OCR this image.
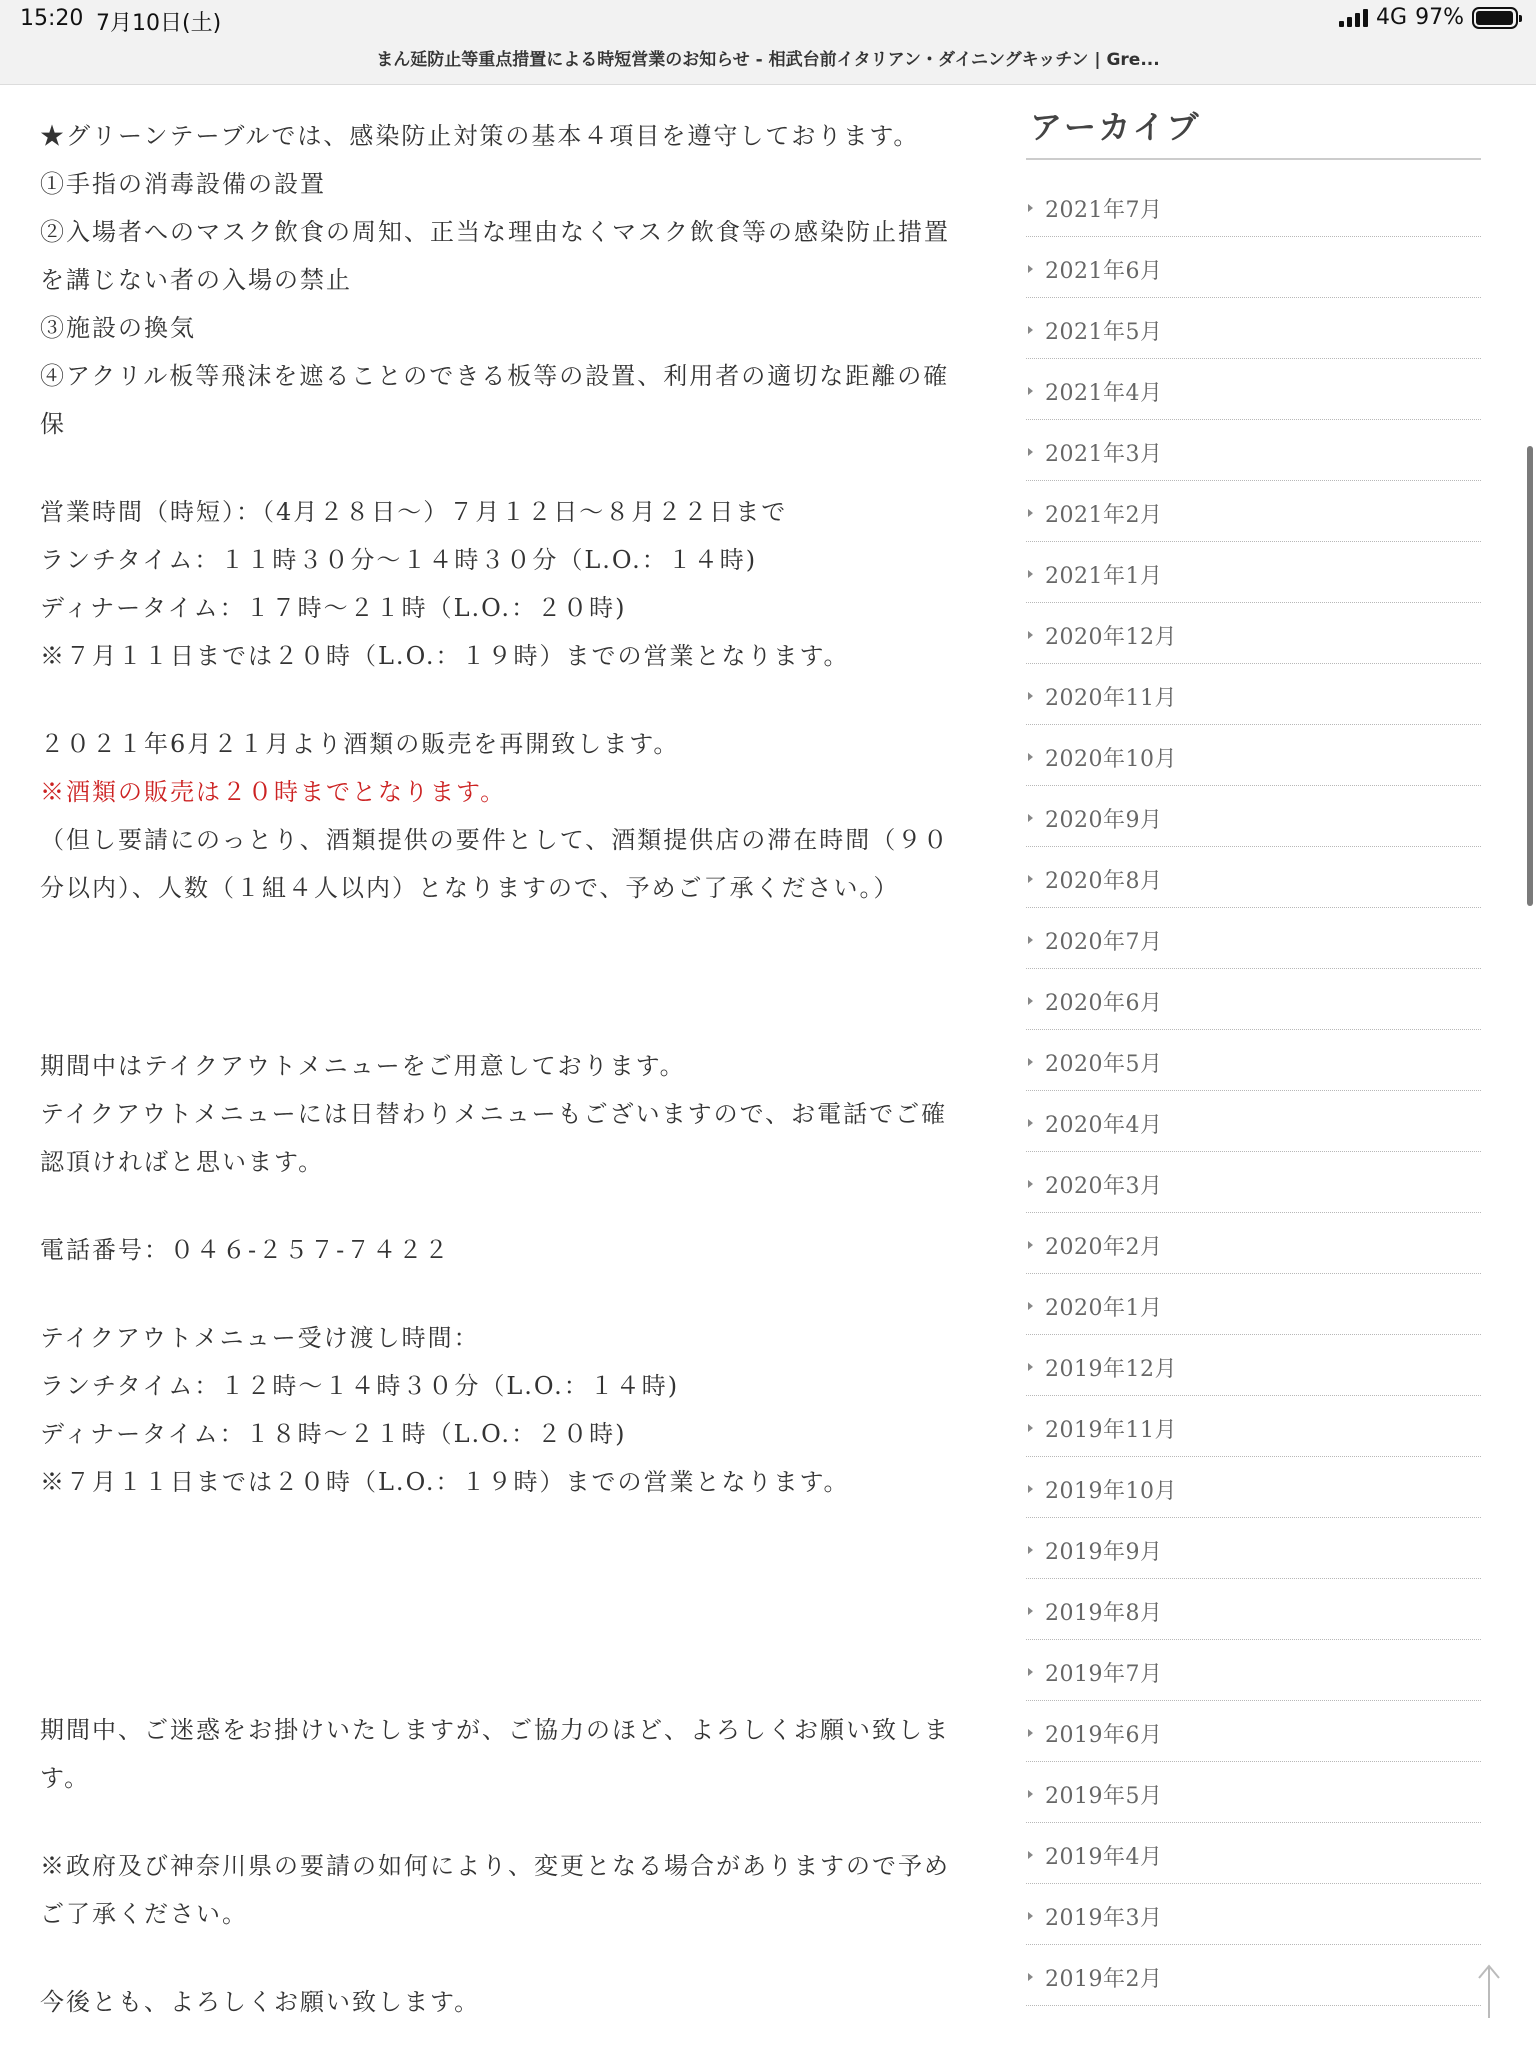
15:20 7月10日(土)	4G 97%
まん延防止等重点措置による時短営業のお知らせ - 相武台前イタリアン・ダイニングキッチン | Gre...

★グリーンテーブルでは、感染防止対策の基本４項目を遵守しております。

①手指の消毒設備の設置

②入場者へのマスク飲食の周知、正当な理由なくマスク飲食等の感染防止措置を講じない者の入場の禁止

③施設の換気

④アクリル板等飛沫を遮ることのできる板等の設置、利用者の適切な距離の確保

営業時間（時短）：（4月２８日〜）７月１２日〜８月２２日まで

ランチタイム：１１時３０分〜１４時３０分（L.O.：１４時)

ディナータイム：１７時〜２１時（L.O.：２０時)

※７月１１日までは２０時（L.O.：１９時）までの営業となります。

２０２１年6月２１月より酒類の販売を再開致します。

※酒類の販売は２０時までとなります。

（但し要請にのっとり、酒類提供の要件として、酒類提供店の滞在時間（９０分以内）、人数（１組４人以内）となりますので、予めご了承ください。）

期間中はテイクアウトメニューをご用意しております。

テイクアウトメニューには日替わりメニューもございますので、お電話でご確認頂ければと思います。

電話番号：０４６-２５７-７４２２

テイクアウトメニュー受け渡し時間：

ランチタイム：１２時〜１４時３０分（L.O.：１４時)

ディナータイム：１８時〜２１時（L.O.：２０時)

※７月１１日までは２０時（L.O.：１９時）までの営業となります。

期間中、ご迷惑をお掛けいたしますが、ご協力のほど、よろしくお願い致します。

※政府及び神奈川県の要請の如何により、変更となる場合がありますので予めご了承ください。

今後とも、よろしくお願い致します。

アーカイブ
2021年7月
2021年6月
2021年5月
2021年4月
2021年3月
2021年2月
2021年1月
2020年12月
2020年11月
2020年10月
2020年9月
2020年8月
2020年7月
2020年6月
2020年5月
2020年4月
2020年3月
2020年2月
2020年1月
2019年12月
2019年11月
2019年10月
2019年9月
2019年8月
2019年7月
2019年6月
2019年5月
2019年4月
2019年3月
2019年2月
